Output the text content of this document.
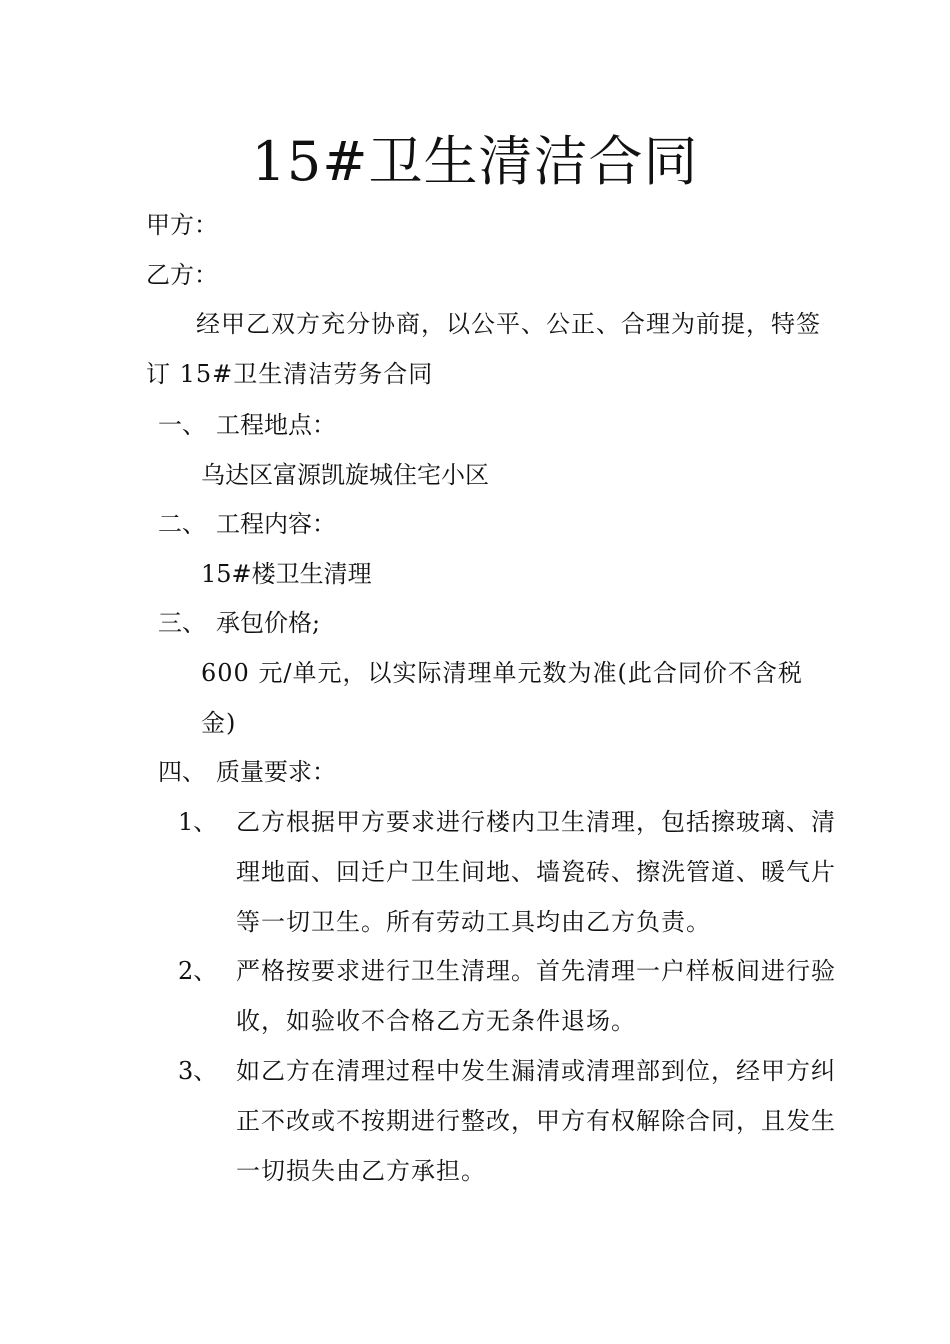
15#卫生清洁合同
甲方：
乙方：
经甲乙双方充分协商，以公平、公正、合理为前提，特签订 15#卫生清洁劳务合同
一、 工程地点：
乌达区富源凯旋城住宅小区
二、 工程内容：
15#楼卫生清理
三、 承包价格;
600 元/单元，以实际清理单元数为准(此合同价不含税金)
四、 质量要求：
1、 乙方根据甲方要求进行楼内卫生清理，包括擦玻璃、清理地面、回迁户卫生间地、墙瓷砖、擦洗管道、暖气片等一切卫生。所有劳动工具均由乙方负责。
2、 严格按要求进行卫生清理。首先清理一户样板间进行验收，如验收不合格乙方无条件退场。
3、 如乙方在清理过程中发生漏清或清理部到位，经甲方纠正不改或不按期进行整改，甲方有权解除合同，且发生一切损失由乙方承担。
